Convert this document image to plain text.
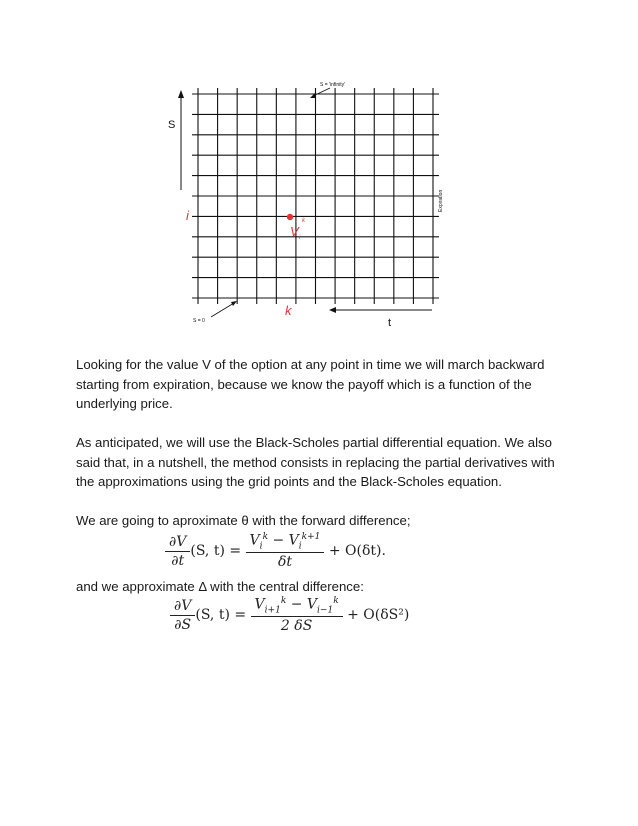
S
S = 'infinity'
S = 0
Expiration
t
i
k
V i
k

Looking for the value V of the option at any point in time we will march backward starting from expiration, because we know the payoff which is a function of the underlying price.

As anticipated, we will use the Black-Scholes partial differential equation. We also said that, in a nutshell, the method consists in replacing the partial derivatives with the approximations using the grid points and the Black-Scholes equation.

We are going to aproximate θ with the forward difference;

$\frac{\partial V}{\partial t} (S$, $t) = \frac{V_i^k - V_i^{k+1}}{\delta t} + O(\delta t)$.

and we approximate Δ with the central difference:

$\frac{\partial V}{\partial S} (S$, $t) = \frac{V_{i+1}^k - V_{i-1}^k}{2 \delta S} + O(\delta S^2)$
